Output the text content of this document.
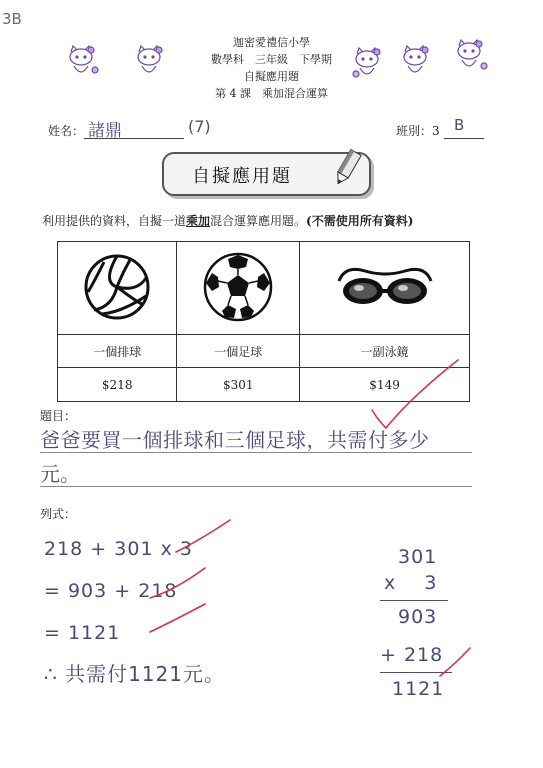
3B
迦密愛禮信小學
數學科　三年級　下學期
自擬應用題
第 4 課　乘加混合運算
姓名： 諸鼎	(7)	班別：3 B
自擬應用題
利用提供的資料，自擬一道乘加混合運算應用題。(不需使用所有資料)

一個排球	一個足球	一副泳鏡
$218	$301	$149
題目：
爸爸要買一個排球和三個足球，共需付多少
元。
列式：
218 + 301 x 3
= 903 + 218
= 1121
∴ 共需付1121元。
301
x    3
903
+ 218
1121
